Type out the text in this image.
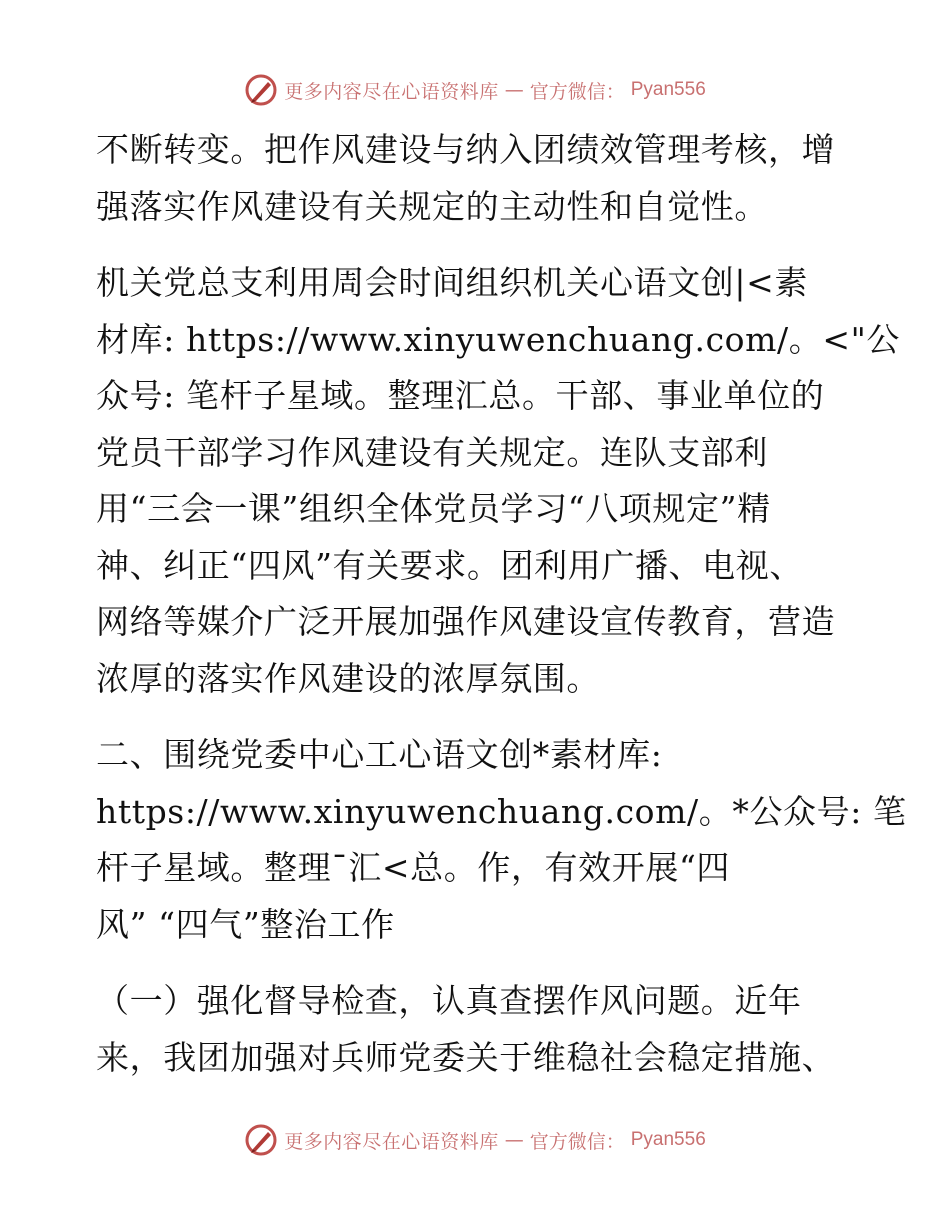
更多内容尽在心语资料库 — 官方微信： Pyan556
不断转变。把作风建设与纳入团绩效管理考核，增
强落实作风建设有关规定的主动性和自觉性。
机关党总支利用周会时间组织机关心语文创|<素
材库: https://www.xinyuwenchuang.com/。<"公
众号: 笔杆子星域。整理汇总。干部、事业单位的
党员干部学习作风建设有关规定。连队支部利
用“三会一课”组织全体党员学习“八项规定”精
神、纠正“四风”有关要求。团利用广播、电视、
网络等媒介广泛开展加强作风建设宣传教育，营造
浓厚的落实作风建设的浓厚氛围。
二、围绕党委中心工心语文创*素材库:
https://www.xinyuwenchuang.com/。*公众号: 笔
杆子星域。整理¯汇<总。作，有效开展“四
风” “四气”整治工作
（一）强化督导检查，认真查摆作风问题。近年
来，我团加强对兵师党委关于维稳社会稳定措施、
更多内容尽在心语资料库 — 官方微信： Pyan556
